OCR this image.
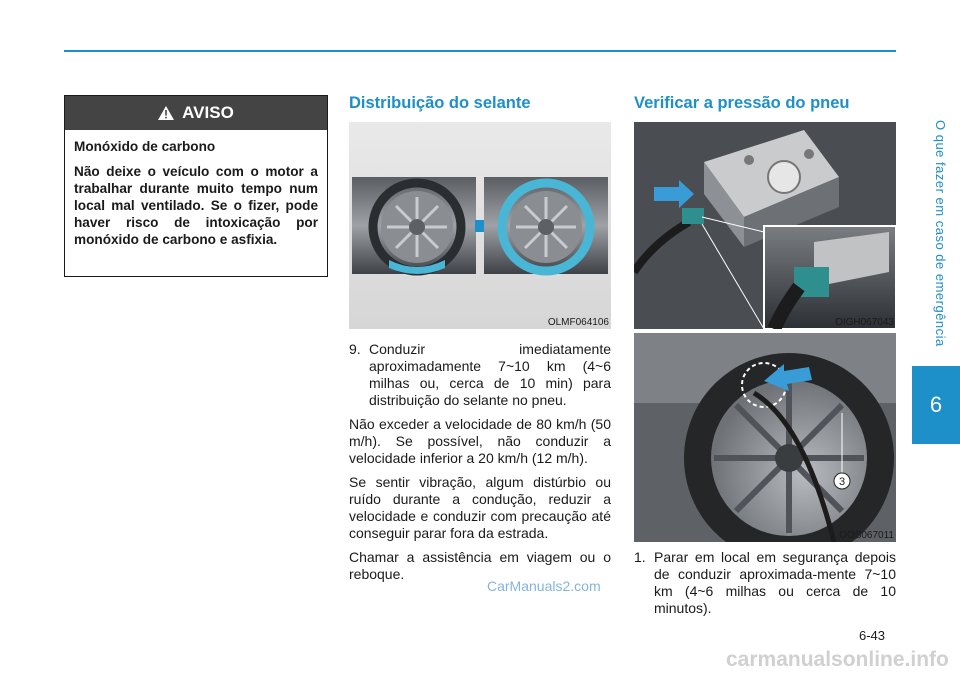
O que fazer em caso de emergência
6
AVISO

Monóxido de carbono

Não deixe o veículo com o motor a trabalhar durante muito tempo num local mal ventilado. Se o fizer, pode haver risco de intoxicação por monóxido de carbono e asfixia.

Distribuição do selante
OLMF064106
9. Conduzir imediatamente aproximadamente 7~10 km (4~6 milhas ou, cerca de 10 min) para distribuição do selante no pneu.

Não exceder a velocidade de 80 km/h (50 m/h). Se possível, não conduzir a velocidade inferior a 20 km/h (12 m/h).

Se sentir vibração, algum distúrbio ou ruído durante a condução, reduzir a velocidade e conduzir com precaução até conseguir parar fora da estrada.

Chamar a assistência em viagem ou o reboque.

Verificar a pressão do pneu
OIGH067043
3
OOS067011
1. Parar em local em segurança depois de conduzir aproximada-mente 7~10 km (4~6 milhas ou cerca de 10 minutos).
6-43
CarManuals2.com
carmanualsonline.info
